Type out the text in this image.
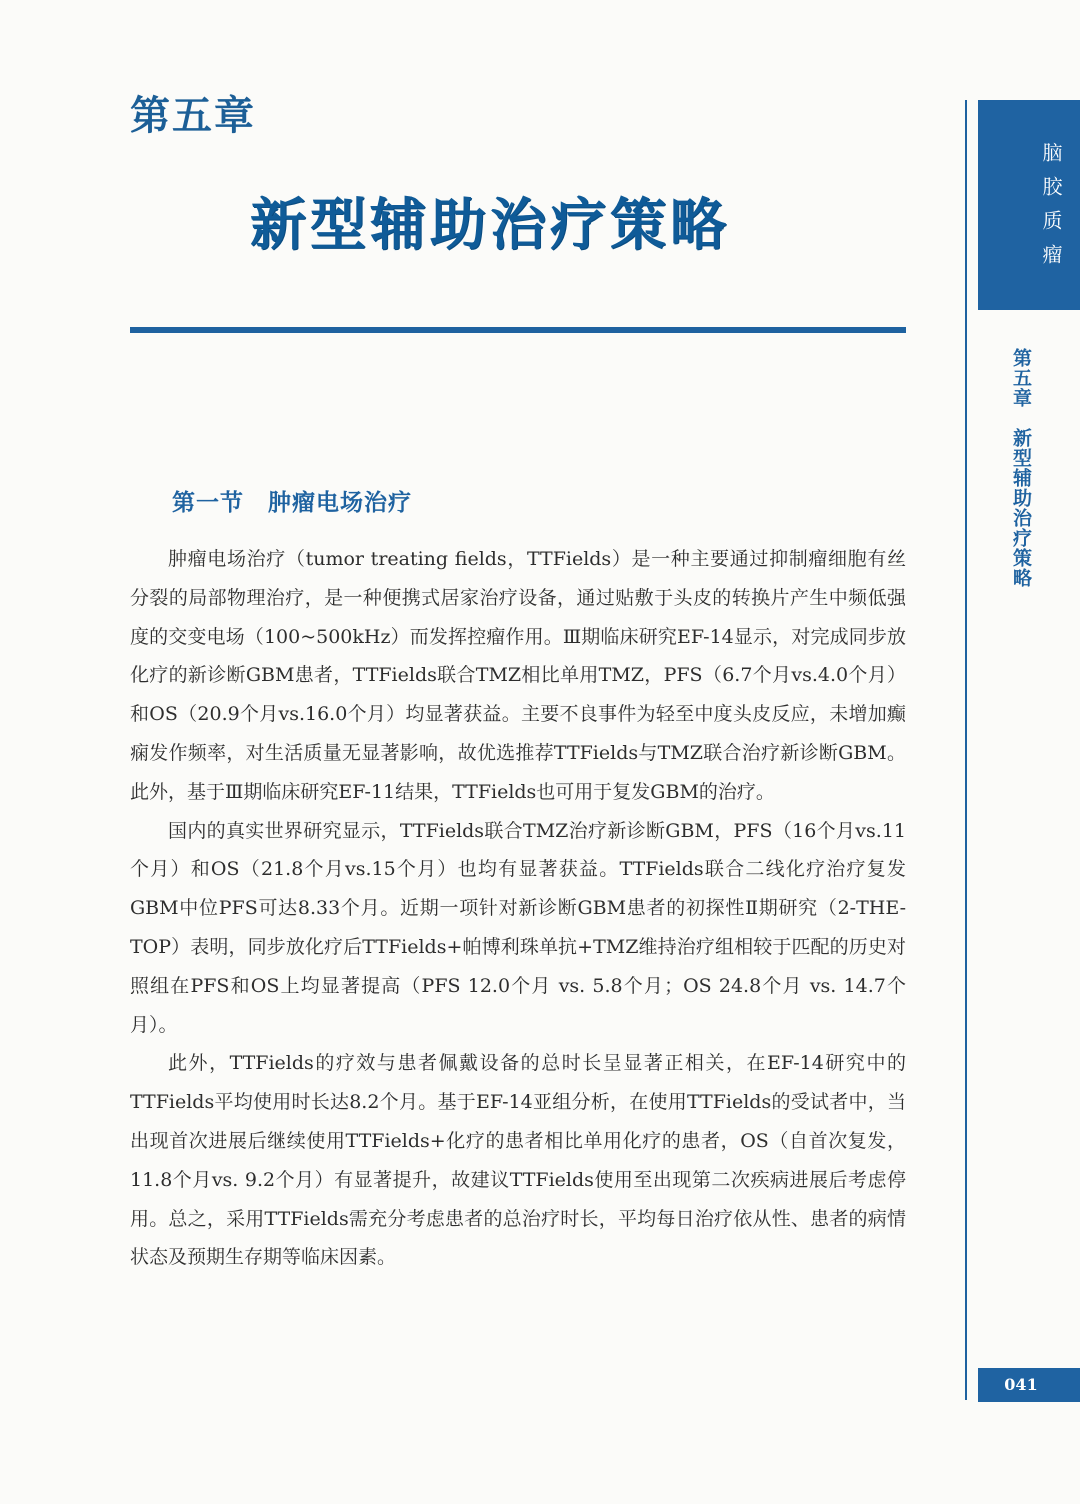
第五章
新型辅助治疗策略
第一节　肿瘤电场治疗

肿瘤电场治疗（tumor treating fields，TTFields）是一种主要通过抑制瘤细胞有丝分裂的局部物理治疗，是一种便携式居家治疗设备，通过贴敷于头皮的转换片产生中频低强度的交变电场（100~500kHz）而发挥控瘤作用。Ⅲ期临床研究EF-14显示，对完成同步放化疗的新诊断GBM患者，TTFields联合TMZ相比单用TMZ，PFS（6.7个月vs.4.0个月）和OS（20.9个月vs.16.0个月）均显著获益。主要不良事件为轻至中度头皮反应，未增加癫痫发作频率，对生活质量无显著影响，故优选推荐TTFields与TMZ联合治疗新诊断GBM。此外，基于Ⅲ期临床研究EF-11结果，TTFields也可用于复发GBM的治疗。

国内的真实世界研究显示，TTFields联合TMZ治疗新诊断GBM，PFS（16个月vs.11个月）和OS（21.8个月vs.15个月）也均有显著获益。TTFields联合二线化疗治疗复发GBM中位PFS可达8.33个月。近期一项针对新诊断GBM患者的初探性Ⅱ期研究（2-THE-TOP）表明，同步放化疗后TTFields+帕博利珠单抗+TMZ维持治疗组相较于匹配的历史对照组在PFS和OS上均显著提高（PFS 12.0个月 vs. 5.8个月；OS 24.8个月 vs. 14.7个月）。

此外，TTFields的疗效与患者佩戴设备的总时长呈显著正相关，在EF-14研究中的TTFields平均使用时长达8.2个月。基于EF-14亚组分析，在使用TTFields的受试者中，当出现首次进展后继续使用TTFields+化疗的患者相比单用化疗的患者，OS（自首次复发，11.8个月vs. 9.2个月）有显著提升，故建议TTFields使用至出现第二次疾病进展后考虑停用。总之，采用TTFields需充分考虑患者的总治疗时长，平均每日治疗依从性、患者的病情状态及预期生存期等临床因素。

脑胶质瘤
第五章　新型辅助治疗策略
041
